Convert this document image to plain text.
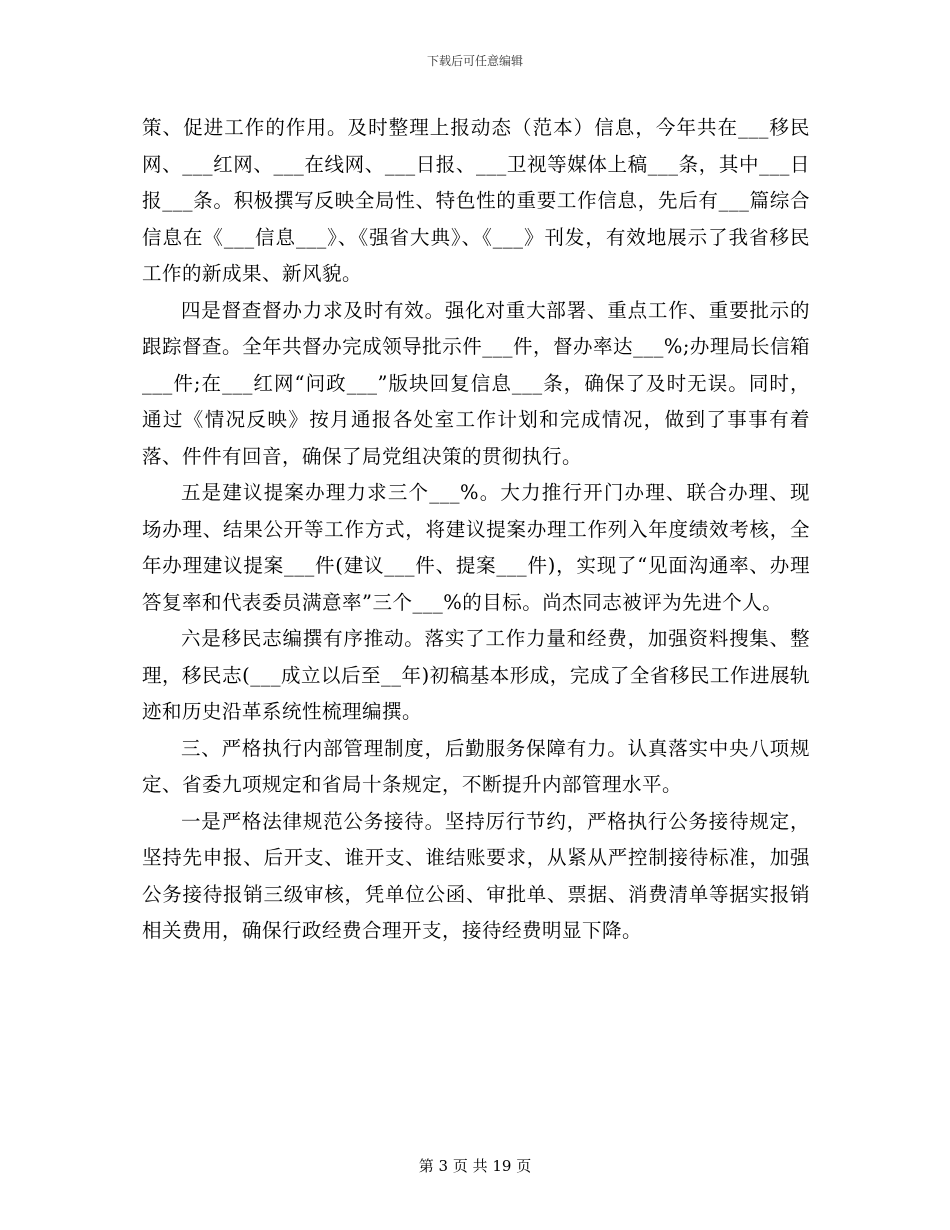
下载后可任意编辑

策、促进工作的作用。及时整理上报动态（范本）信息，今年共在___移民网、___红网、___在线网、___日报、___卫视等媒体上稿___条，其中___日报___条。积极撰写反映全局性、特色性的重要工作信息，先后有___篇综合信息在《___信息___》、《强省大典》、《___》刊发，有效地展示了我省移民工作的新成果、新风貌。

四是督查督办力求及时有效。强化对重大部署、重点工作、重要批示的跟踪督查。全年共督办完成领导批示件___件，督办率达___%;办理局长信箱___件;在___红网“问政___”版块回复信息___条，确保了及时无误。同时，通过《情况反映》按月通报各处室工作计划和完成情况，做到了事事有着落、件件有回音，确保了局党组决策的贯彻执行。

五是建议提案办理力求三个___%。大力推行开门办理、联合办理、现场办理、结果公开等工作方式，将建议提案办理工作列入年度绩效考核，全年办理建议提案___件(建议___件、提案___件)，实现了“见面沟通率、办理答复率和代表委员满意率”三个___%的目标。尚杰同志被评为先进个人。

六是移民志编撰有序推动。落实了工作力量和经费，加强资料搜集、整理，移民志(___成立以后至__年)初稿基本形成，完成了全省移民工作进展轨迹和历史沿革系统性梳理编撰。

三、严格执行内部管理制度，后勤服务保障有力。认真落实中央八项规定、省委九项规定和省局十条规定，不断提升内部管理水平。

一是严格法律规范公务接待。坚持厉行节约，严格执行公务接待规定，坚持先申报、后开支、谁开支、谁结账要求，从紧从严控制接待标准，加强公务接待报销三级审核，凭单位公函、审批单、票据、消费清单等据实报销相关费用，确保行政经费合理开支，接待经费明显下降。

第 3 页 共 19 页
